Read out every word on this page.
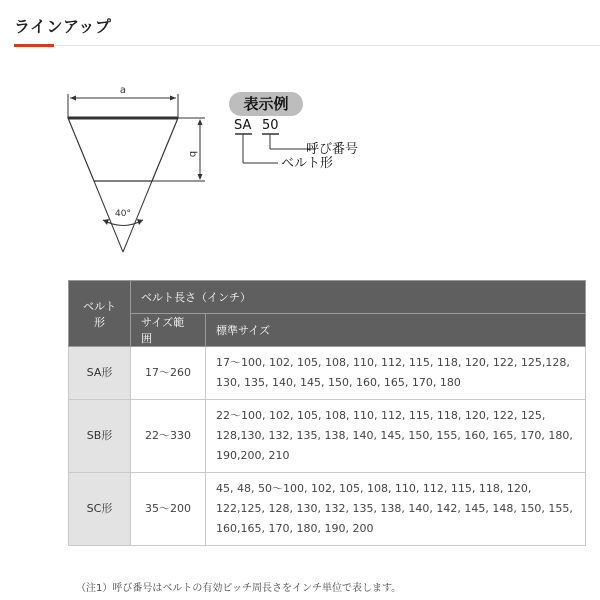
ラインアップ
a
b
40°
表示例
SA 50
呼び番号
ベルト形
ベルト形	ベルト長さ（インチ）	
	サイズ範囲	標準サイズ
SA形	17～260	17～100, 102, 105, 108, 110, 112, 115, 118, 120, 122, 125,128, 130, 135, 140, 145, 150, 160, 165, 170, 180
SB形	22～330	22～100, 102, 105, 108, 110, 112, 115, 118, 120, 122, 125, 128,130, 132, 135, 138, 140, 145, 150, 155, 160, 165, 170, 180, 190,200, 210
SC形	35～200	45, 48, 50～100, 102, 105, 108, 110, 112, 115, 118, 120, 122,125, 128, 130, 132, 135, 138, 140, 142, 145, 148, 150, 155, 160,165, 170, 180, 190, 200
（注1）呼び番号はベルトの有効ピッチ周長さをインチ単位で表します。
